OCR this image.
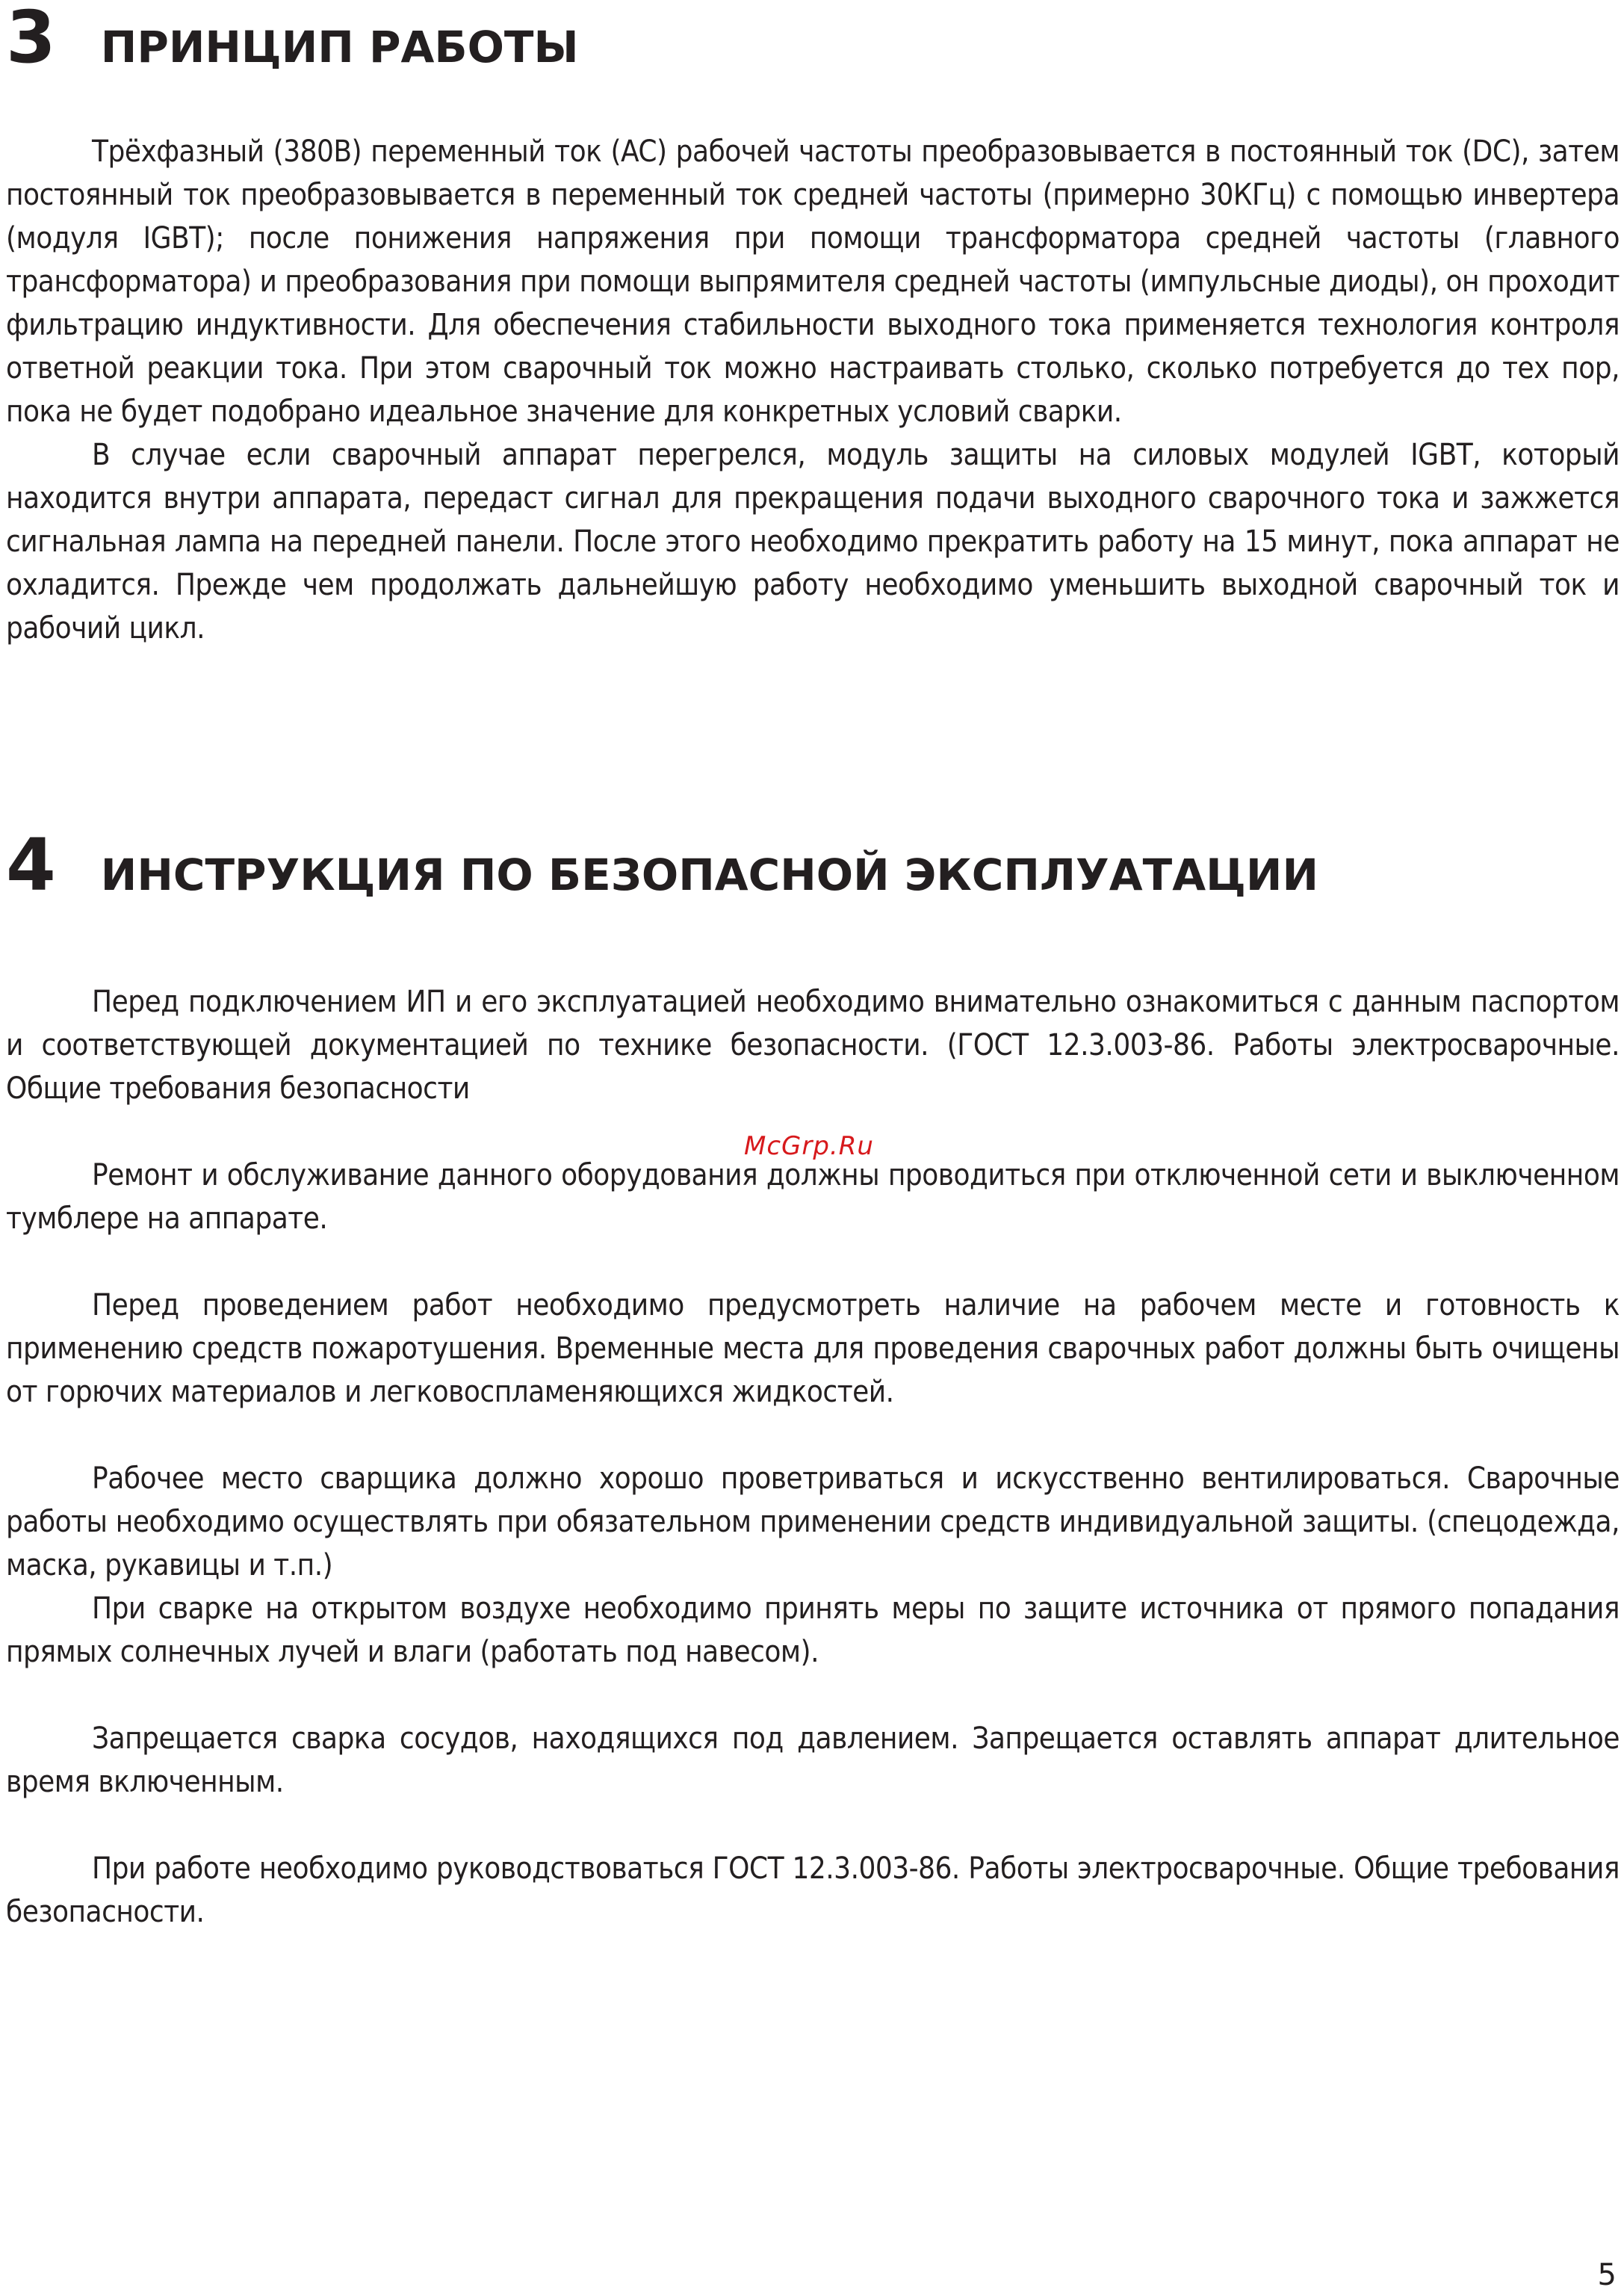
3 ПРИНЦИП РАБОТЫ

Трёхфазный (380В) переменный ток (AC) рабочей частоты преобразовывается в постоянный ток (DC), затем постоянный ток преобразовывается в переменный ток средней частоты (примерно 30КГц) с помощью инвертера (модуля IGBT); после понижения напряжения при помощи трансформатора средней частоты (главного трансформатора) и преобразования при помощи выпрямителя средней частоты (импульсные диоды), он проходит фильтрацию индуктивности. Для обеспечения стабильности выходного тока применяется технология контроля ответной реакции тока. При этом сварочный ток можно настраивать столько, сколько потребуется до тех пор, пока не будет подобрано идеальное значение для конкретных условий сварки.

В случае если сварочный аппарат перегрелся, модуль защиты на силовых модулей IGBT, который находится внутри аппарата, передаст сигнал для прекращения подачи выходного сварочного тока и зажжется сигнальная лампа на передней панели. После этого необходимо прекратить работу на 15 минут, пока аппарат не охладится. Прежде чем продолжать дальнейшую работу необходимо уменьшить выходной сварочный ток и рабочий цикл.

4 ИНСТРУКЦИЯ ПО БЕЗОПАСНОЙ ЭКСПЛУАТАЦИИ

Перед подключением ИП и его эксплуатацией необходимо внимательно ознакомиться с данным паспортом и соответствующей документацией по технике безопасности. (ГОСТ 12.3.003-86. Работы электросварочные. Общие требования безопасности

Ремонт и обслуживание данного оборудования должны проводиться при отключенной сети и выключенном тумблере на аппарате.

Перед проведением работ необходимо предусмотреть наличие на рабочем месте и готовность к применению средств пожаротушения. Временные места для проведения сварочных работ должны быть очищены от горючих материалов и легковоспламеняющихся жидкостей.

Рабочее место сварщика должно хорошо проветриваться и искусственно вентилироваться. Сварочные работы необходимо осуществлять при обязательном применении средств индивидуальной защиты. (спецодежда, маска, рукавицы и т.п.)

При сварке на открытом воздухе необходимо принять меры по защите источника от прямого попадания прямых солнечных лучей и влаги (работать под навесом).

Запрещается сварка сосудов, находящихся под давлением. Запрещается оставлять аппарат длительное время включенным.

При работе необходимо руководствоваться ГОСТ 12.3.003-86. Работы электросварочные. Общие требования безопасности.

McGrp.Ru
5
